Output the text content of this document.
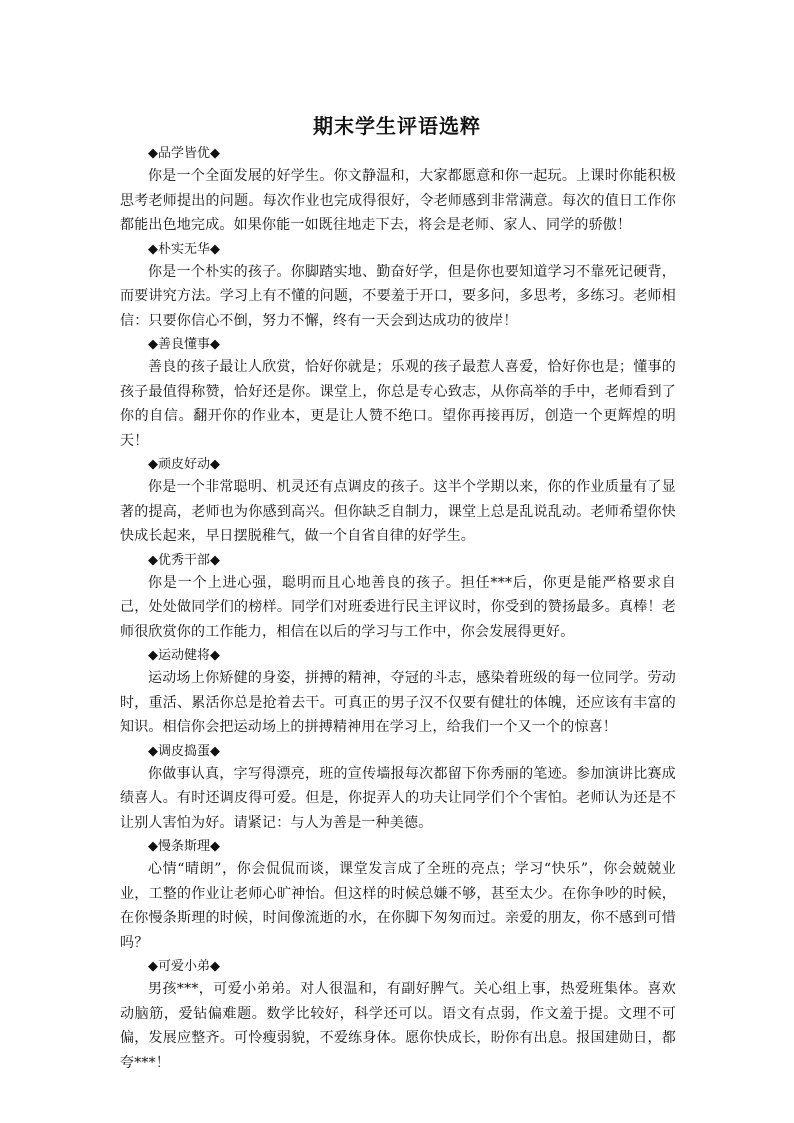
期末学生评语选粹

◆品学皆优◆

你是一个全面发展的好学生。你文静温和，大家都愿意和你一起玩。上课时你能积极思考老师提出的问题。每次作业也完成得很好，令老师感到非常满意。每次的值日工作你都能出色地完成。如果你能一如既往地走下去，将会是老师、家人、同学的骄傲！

◆朴实无华◆

你是一个朴实的孩子。你脚踏实地、勤奋好学，但是你也要知道学习不靠死记硬背，而要讲究方法。学习上有不懂的问题，不要羞于开口，要多问，多思考，多练习。老师相信：只要你信心不倒，努力不懈，终有一天会到达成功的彼岸！

◆善良懂事◆

善良的孩子最让人欣赏，恰好你就是；乐观的孩子最惹人喜爱，恰好你也是；懂事的孩子最值得称赞，恰好还是你。课堂上，你总是专心致志，从你高举的手中，老师看到了你的自信。翻开你的作业本，更是让人赞不绝口。望你再接再厉，创造一个更辉煌的明天！

◆顽皮好动◆

你是一个非常聪明、机灵还有点调皮的孩子。这半个学期以来，你的作业质量有了显著的提高，老师也为你感到高兴。但你缺乏自制力，课堂上总是乱说乱动。老师希望你快快成长起来，早日摆脱稚气，做一个自省自律的好学生。

◆优秀干部◆

你是一个上进心强，聪明而且心地善良的孩子。担任***后，你更是能严格要求自己，处处做同学们的榜样。同学们对班委进行民主评议时，你受到的赞扬最多。真棒！老师很欣赏你的工作能力，相信在以后的学习与工作中，你会发展得更好。

◆运动健将◆

运动场上你矫健的身姿，拼搏的精神，夺冠的斗志，感染着班级的每一位同学。劳动时，重活、累活你总是抢着去干。可真正的男子汉不仅要有健壮的体魄，还应该有丰富的知识。相信你会把运动场上的拼搏精神用在学习上，给我们一个又一个的惊喜！

◆调皮捣蛋◆

你做事认真，字写得漂亮，班的宣传墙报每次都留下你秀丽的笔迹。参加演讲比赛成绩喜人。有时还调皮得可爱。但是，你捉弄人的功夫让同学们个个害怕。老师认为还是不让别人害怕为好。请紧记：与人为善是一种美德。

◆慢条斯理◆

心情“晴朗”，你会侃侃而谈，课堂发言成了全班的亮点；学习“快乐”，你会兢兢业业，工整的作业让老师心旷神怡。但这样的时候总嫌不够，甚至太少。在你争吵的时候，在你慢条斯理的时候，时间像流逝的水，在你脚下匆匆而过。亲爱的朋友，你不感到可惜吗？

◆可爱小弟◆

男孩***，可爱小弟弟。对人很温和，有副好脾气。关心组上事，热爱班集体。喜欢动脑筋，爱钻偏难题。数学比较好，科学还可以。语文有点弱，作文羞于提。文理不可偏，发展应整齐。可怜瘦弱貌，不爱练身体。愿你快成长，盼你有出息。报国建勋日，都夸***！
